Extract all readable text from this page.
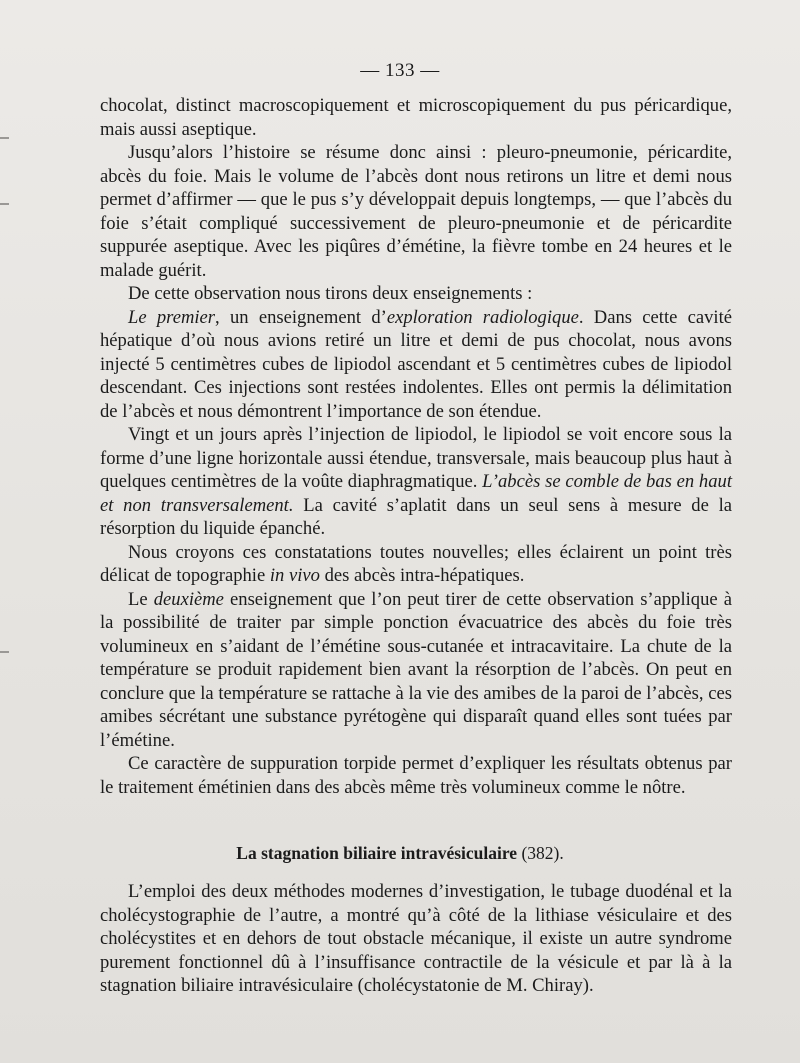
— 133 —

chocolat, distinct macroscopiquement et microscopiquement du pus péricardique, mais aussi aseptique.

Jusqu’alors l’histoire se résume donc ainsi : pleuro-pneumonie, péricardite, abcès du foie. Mais le volume de l’abcès dont nous retirons un litre et demi nous permet d’affirmer — que le pus s’y développait depuis longtemps, — que l’abcès du foie s’était compliqué successivement de pleuro-pneumonie et de péricardite suppurée aseptique. Avec les piqûres d’émétine, la fièvre tombe en 24 heures et le malade guérit.

De cette observation nous tirons deux enseignements :

Le premier, un enseignement d’exploration radiologique. Dans cette cavité hépatique d’où nous avions retiré un litre et demi de pus chocolat, nous avons injecté 5 centimètres cubes de lipiodol ascendant et 5 centimètres cubes de lipiodol descendant. Ces injections sont restées indolentes. Elles ont permis la délimitation de l’abcès et nous démontrent l’importance de son étendue.

Vingt et un jours après l’injection de lipiodol, le lipiodol se voit encore sous la forme d’une ligne horizontale aussi étendue, transversale, mais beaucoup plus haut à quelques centimètres de la voûte diaphragmatique. L’abcès se comble de bas en haut et non transversalement. La cavité s’aplatit dans un seul sens à mesure de la résorption du liquide épanché.

Nous croyons ces constatations toutes nouvelles; elles éclairent un point très délicat de topographie in vivo des abcès intra-hépatiques.

Le deuxième enseignement que l’on peut tirer de cette observation s’applique à la possibilité de traiter par simple ponction évacuatrice des abcès du foie très volumineux en s’aidant de l’émétine sous-cutanée et intracavitaire. La chute de la température se produit rapidement bien avant la résorption de l’abcès. On peut en conclure que la température se rattache à la vie des amibes de la paroi de l’abcès, ces amibes sécrétant une substance pyrétogène qui disparaît quand elles sont tuées par l’émétine.

Ce caractère de suppuration torpide permet d’expliquer les résultats obtenus par le traitement émétinien dans des abcès même très volumineux comme le nôtre.

La stagnation biliaire intravésiculaire (382).

L’emploi des deux méthodes modernes d’investigation, le tubage duodénal et la cholécystographie de l’autre, a montré qu’à côté de la lithiase vésiculaire et des cholécystites et en dehors de tout obstacle mécanique, il existe un autre syndrome purement fonctionnel dû à l’insuffisance contractile de la vésicule et par là à la stagnation biliaire intravésiculaire (cholécystatonie de M. Chiray).
